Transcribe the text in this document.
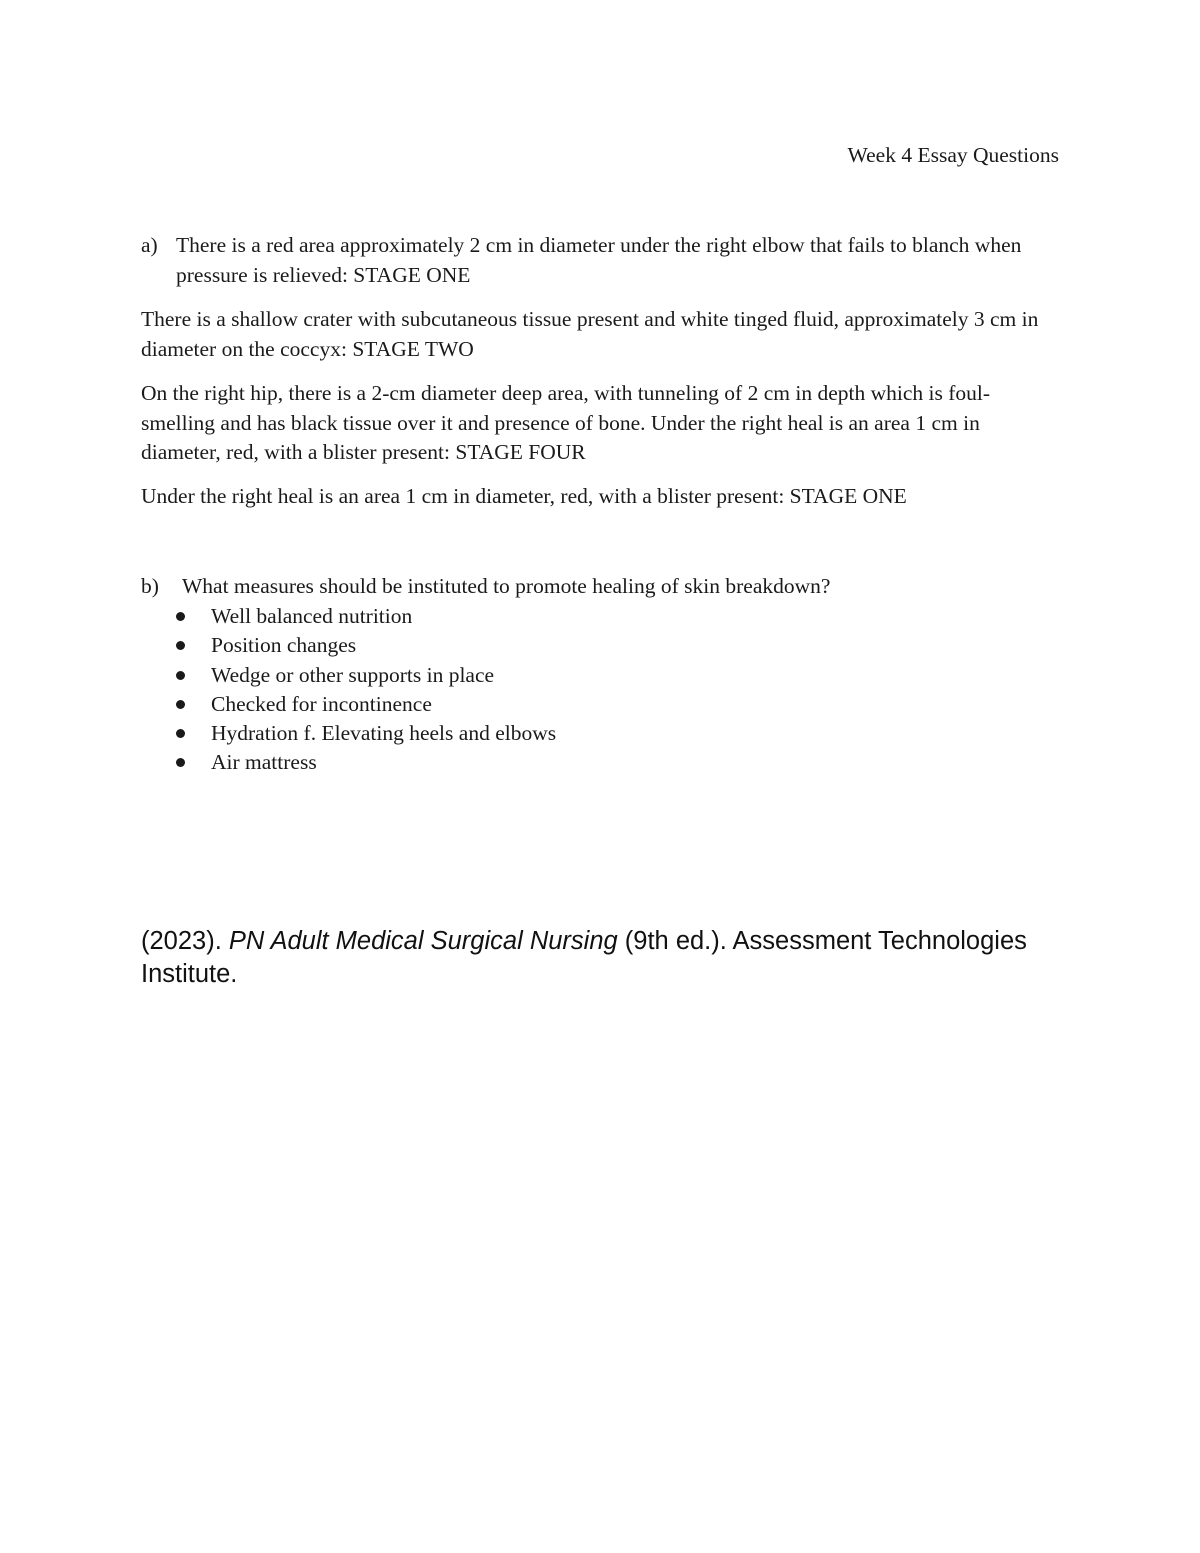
Week 4 Essay Questions
a) There is a red area approximately 2 cm in diameter under the right elbow that fails to blanch when pressure is relieved: STAGE ONE

There is a shallow crater with subcutaneous tissue present and white tinged fluid, approximately 3 cm in diameter on the coccyx: STAGE TWO

On the right hip, there is a 2-cm diameter deep area, with tunneling of 2 cm in depth which is foul-smelling and has black tissue over it and presence of bone. Under the right heal is an area 1 cm in diameter, red, with a blister present: STAGE FOUR

Under the right heal is an area 1 cm in diameter, red, with a blister present: STAGE ONE

b) What measures should be instituted to promote healing of skin breakdown?
Well balanced nutrition
Position changes
Wedge or other supports in place
Checked for incontinence
Hydration f. Elevating heels and elbows
Air mattress
(2023). PN Adult Medical Surgical Nursing (9th ed.). Assessment Technologies Institute.
